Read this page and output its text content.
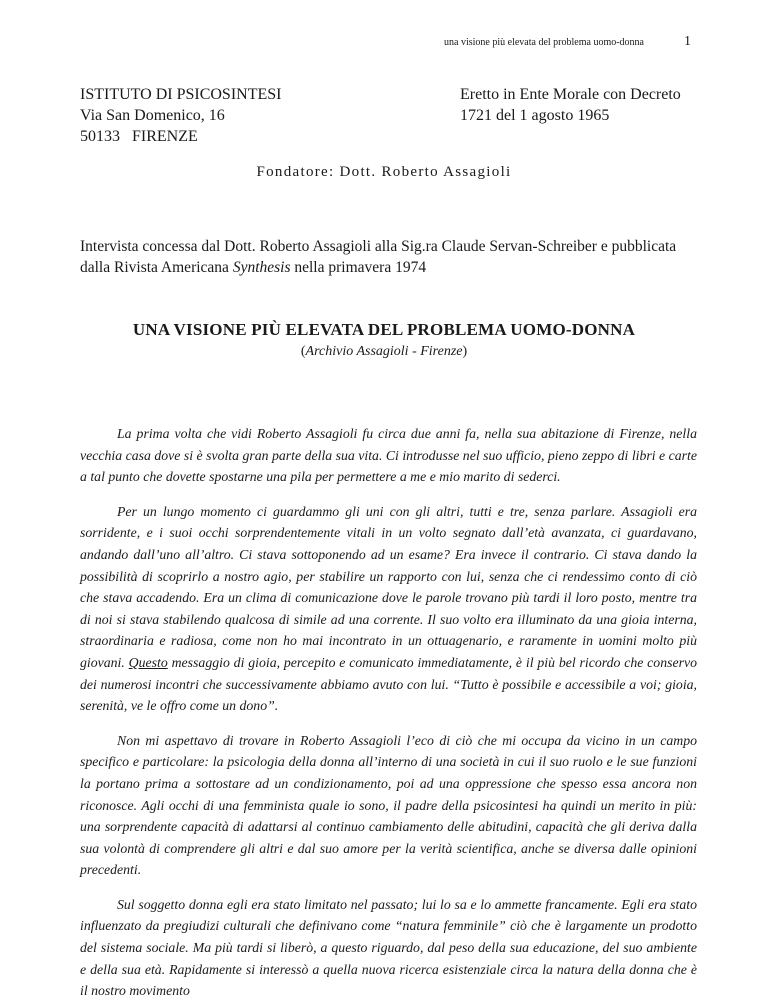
una visione più elevata del problema uomo-donna	1
ISTITUTO DI PSICOSINTESI
Via San Domenico, 16
50133   FIRENZE
Eretto in Ente Morale con Decreto
1721 del 1 agosto 1965
Fondatore: Dott. Roberto Assagioli
Intervista concessa dal Dott. Roberto Assagioli alla Sig.ra Claude Servan-Schreiber e pubblicata dalla Rivista Americana Synthesis nella primavera 1974
UNA VISIONE PIÙ ELEVATA DEL PROBLEMA UOMO-DONNA
(Archivio Assagioli - Firenze)

La prima volta che vidi Roberto Assagioli fu circa due anni fa, nella sua abitazione di Firenze, nella vecchia casa dove si è svolta gran parte della sua vita. Ci introdusse nel suo ufficio, pieno zeppo di libri e carte a tal punto che dovette spostarne una pila per permettere a me e mio marito di sederci.

Per un lungo momento ci guardammo gli uni con gli altri, tutti e tre, senza parlare. Assagioli era sorridente, e i suoi occhi sorprendentemente vitali in un volto segnato dall’età avanzata, ci guardavano, andando dall’uno all’altro. Ci stava sottoponendo ad un esame? Era invece il contrario. Ci stava dando la possibilità di scoprirlo a nostro agio, per stabilire un rapporto con lui, senza che ci rendessimo conto di ciò che stava accadendo. Era un clima di comunicazione dove le parole trovano più tardi il loro posto, mentre tra di noi si stava stabilendo qualcosa di simile ad una corrente. Il suo volto era illuminato da una gioia interna, straordinaria e radiosa, come non ho mai incontrato in un ottuagenario, e raramente in uomini molto più giovani. Questo messaggio di gioia, percepito e comunicato immediatamente, è il più bel ricordo che conservo dei numerosi incontri che successivamente abbiamo avuto con lui. “Tutto è possibile e accessibile a voi; gioia, serenità, ve le offro come un dono”.

Non mi aspettavo di trovare in Roberto Assagioli l’eco di ciò che mi occupa da vicino in un campo specifico e particolare: la psicologia della donna all’interno di una società in cui il suo ruolo e le sue funzioni la portano prima a sottostare ad un condizionamento, poi ad una oppressione che spesso essa ancora non riconosce. Agli occhi di una femminista quale io sono, il padre della psicosintesi ha quindi un merito in più: una sorprendente capacità di adattarsi al continuo cambiamento delle abitudini, capacità che gli deriva dalla sua volontà di comprendere gli altri e dal suo amore per la verità scientifica, anche se diversa dalle opinioni precedenti.

Sul soggetto donna egli era stato limitato nel passato; lui lo sa e lo ammette francamente. Egli era stato influenzato da pregiudizi culturali che definivano come “natura femminile” ciò che è largamente un prodotto del sistema sociale. Ma più tardi si liberò, a questo riguardo, dal peso della sua educazione, del suo ambiente e della sua età. Rapidamente si interessò a quella nuova ricerca esistenziale circa la natura della donna che è il nostro movimento
